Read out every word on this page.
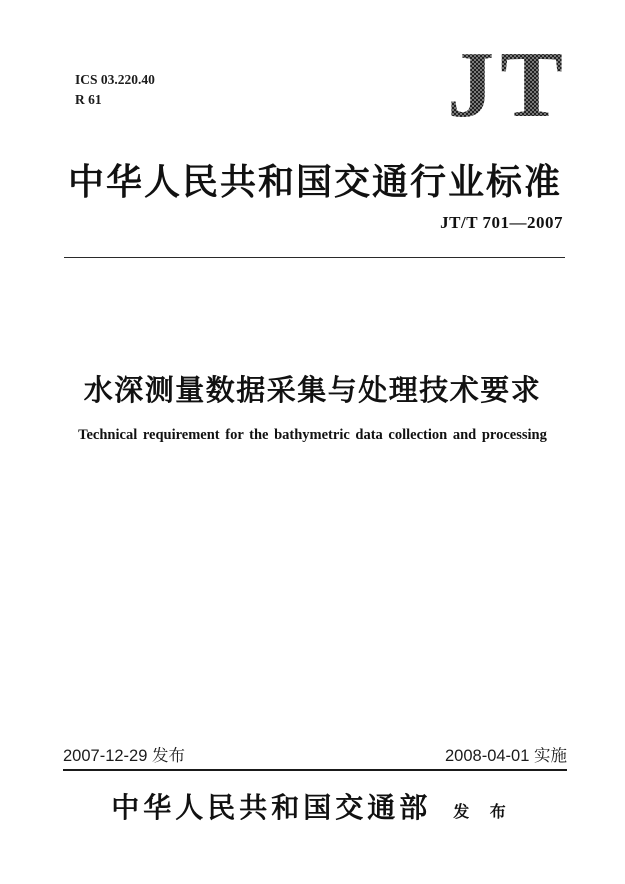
ICS 03.220.40
R 61	JT
中华人民共和国交通行业标准
JT/T 701—2007
水深测量数据采集与处理技术要求
Technical requirement for the bathymetric data collection and processing
2007-12-29 发布	2008-04-01 实施
中华人民共和国交通部 发 布
